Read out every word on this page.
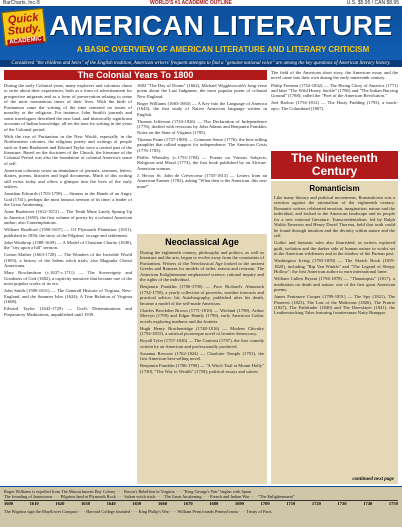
BarCharts, Inc.®	WORLD'S #1 ACADEMIC OUTLINE	U.S. $5.95 / CAN $8.95
Quick
Study.
ACADEMIC AMERICAN LITERATURE
A BASIC OVERVIEW OF AMERICAN LITERATURE AND LITERARY CRITICISM
Considered "the children and heirs" of the English tradition, American writers' frequent attempts to find a "genuine national voice" are among the key questions of American literary history.
The Colonial Years To 1800

During the early Colonial years, many explorers and colonists chose to write about their experiences, both as a form of advertisement for prospective migrants and as a form of preservation relating to some of the most momentous times of their lives. With the birth of Puritanism came the writing of the time centered on issues of morality or the religious. For instance, John Smith's journals and some travelogues described the new land, and historically significant accounts of Indian knowledge, all set the tone for writing in the years of the Colonial period.

With the rise of Puritanism in the New World, especially in the Northeastern colonies, the religious poetry and writings of people such as Anne Bradstreet and Edward Taylor were a central part of the literature. Based on the doctrines of the Church, the literature of the Colonial Period was also the foundation of colonial America's sense of self.

American colonists wrote an abundance of journals, sermons, letters, diaries, poems, histories and legal documents. Much of this writing still exists today and offers a glimpse into the lives of the early settlers.

Jonathan Edwards (1703-1758) — Sinners in the Hands of an Angry God (1741), perhaps the most famous sermon of its time; a leader of the Great Awakening.

Anne Bradstreet (1612-1672) — The Tenth Muse Lately Sprung Up in America (1650), the first volume of poetry by a colonial American author; also Contemplations.

William Bradford (1590-1657) — Of Plymouth Plantation (1651), published in 1856; the story of the Pilgrims' voyage and settlement.

John Winthrop (1588-1649) — A Model of Christian Charity (1630), the "city upon a hill" sermon.

Cotton Mather (1663-1728) — The Wonders of the Invisible World (1693), a history of the Salem witch trials; also Magnalia Christi Americana.

Mary Rowlandson (c.1637-c.1711) — The Sovereignty and Goodness of God (1682), a captivity narrative that became one of the most popular works of its era.

John Smith (1580-1631) — The Generall Historie of Virginia, New-England, and the Summer Isles (1624); A True Relation of Virginia (1608).

Edward Taylor (1642-1729) — God's Determinations and Preparatory Meditations, unpublished until 1939.

1682 "The Day of Doom" (1662), Michael Wigglesworth's long verse poem about the Last Judgment, the most popular poem of colonial New England.

Roger Williams (1603-1683) — A Key into the Language of America (1643), the first study of Native American language written in English.

Thomas Jefferson (1743-1826) — The Declaration of Independence (1776), drafted with revisions by John Adams and Benjamin Franklin; Notes on the State of Virginia (1785).

Thomas Paine (1737-1809) — Common Sense (1776), the best-selling pamphlet that rallied support for independence; The American Crisis (1776-1783).

Phillis Wheatley (c.1753-1784) — Poems on Various Subjects, Religious and Moral (1773), the first book published by an African-American woman.

J. Hector St. John de Crèvecoeur (1735-1813) — Letters from an American Farmer (1782), asking "What then is the American, this new man?"

Neoclassical Age

During the eighteenth century, philosophy and politics, as well as literature and the arts, began to evolve away from the constraints of Puritanism. Writers of the Neoclassical Age looked to the ancient Greeks and Romans for models of order, reason and restraint. The American Enlightenment emphasized science, rational inquiry and the rights of the individual.

Benjamin Franklin (1706-1790) — Poor Richard's Almanack (1732-1758), a yearly collection of proverbs, weather forecasts and practical advice; his Autobiography, published after his death, became a model of the self-made American.

Charles Brockden Brown (1771-1810) — Wieland (1798), Arthur Mervyn (1799) and Edgar Huntly (1799), early American Gothic novels exploring madness and the frontier.

Hugh Henry Brackenridge (1748-1816) — Modern Chivalry (1792-1815), a satirical picaresque novel of frontier democracy.

Royall Tyler (1757-1826) — The Contrast (1787), the first comedy written by an American and professionally produced.

Susanna Rowson (1762-1824) — Charlotte Temple (1791), the first American best-selling novel.

Benjamin Franklin (1706-1790) — "A Witch Trial at Mount Holly" (1730), "The Way to Wealth" (1758); political essays and satires.

The field of the American short story, the American essay and the novel came into their own during the early nineteenth century.

Philip Freneau (1752-1832) — The Rising Glory of America (1771) and later "The Wild Honey Suckle" (1786) and "The Indian Burying Ground" (1788); called the "Poet of the American Revolution."

Joel Barlow (1754-1812) — The Hasty Pudding (1793), a mock-epic; The Columbiad (1807).

The Nineteenth
Century
Romanticism

Like many literary and political movements, Romanticism was a reaction against the rationalism of the eighteenth century. Romantic writers celebrated emotion, imagination, nature and the individual, and looked to the American landscape and its people for a new national literature. Transcendentalism, led by Ralph Waldo Emerson and Henry David Thoreau, held that truth could be found through intuition and the divinity within nature and the self.

Gothic and fantastic tales also flourished, as writers explored guilt, isolation and the darker side of human nature in works set in the American wilderness and in the shadow of the Puritan past.

Washington Irving (1783-1859) — The Sketch Book (1819-1820), including "Rip Van Winkle" and "The Legend of Sleepy Hollow"; the first American author to earn international fame.

William Cullen Bryant (1794-1878) — "Thanatopsis" (1817), a meditation on death and nature; one of the first great American poems.

James Fenimore Cooper (1789-1851) — The Spy (1821), The Pioneers (1823), The Last of the Mohicans (1826), The Prairie (1827), The Pathfinder (1840) and The Deerslayer (1841), the Leatherstocking Tales featuring frontiersman Natty Bumppo.

continued next page
Roger Williams is expelled from The Massachusetts Bay Colony · · · Bacon's Rebellion in Virginia · · · "King George's War" begins with Spain
The founding of Jamestown · · · Pilgrims land at Plymouth Rock · · · Salem witch trials · · · The Great Awakening · · · French and Indian War · · · "The Enlightenment"
1600	1610	1620	1630	1640	1650	1660	1670	1680	1690	1700	1710	1720	1730	1740	1750
The Pilgrims sign the Mayflower Compact · · · Harvard College founded · · · King Philip's War · · · William Penn founds Pennsylvania · · · Treaty of Paris
